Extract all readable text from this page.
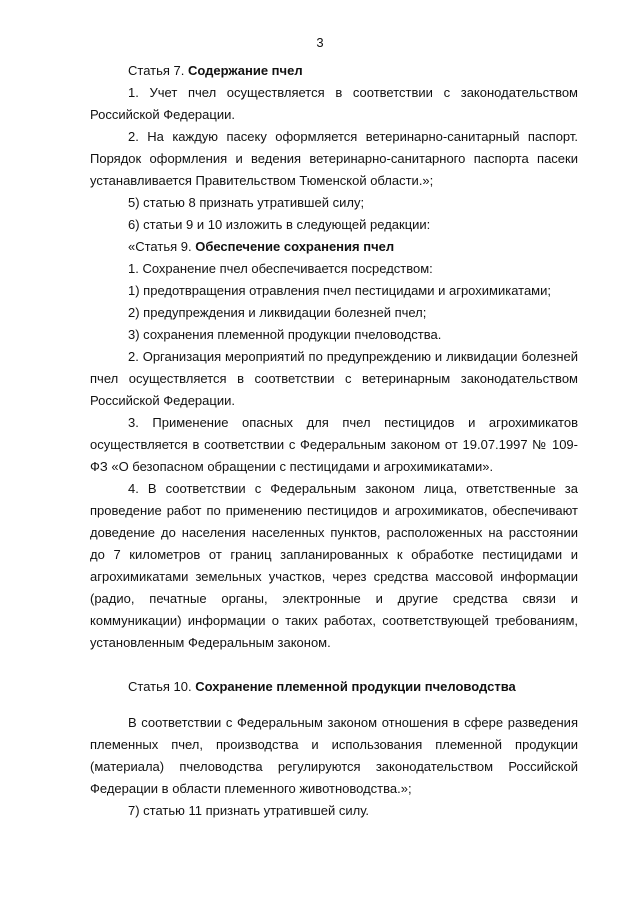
3

Статья 7. Содержание пчел

1. Учет пчел осуществляется в соответствии с законодательством Российской Федерации.

2. На каждую пасеку оформляется ветеринарно-санитарный паспорт. Порядок оформления и ведения ветеринарно-санитарного паспорта пасеки устанавливается Правительством Тюменской области.»;

5) статью 8 признать утратившей силу;

6) статьи 9 и 10 изложить в следующей редакции:

«Статья 9. Обеспечение сохранения пчел

1. Сохранение пчел обеспечивается посредством:

1) предотвращения отравления пчел пестицидами и агрохимикатами;

2) предупреждения и ликвидации болезней пчел;

3) сохранения племенной продукции пчеловодства.

2. Организация мероприятий по предупреждению и ликвидации болезней пчел осуществляется в соответствии с ветеринарным законодательством Российской Федерации.

3. Применение опасных для пчел пестицидов и агрохимикатов осуществляется в соответствии с Федеральным законом от 19.07.1997 № 109-ФЗ «О безопасном обращении с пестицидами и агрохимикатами».

4. В соответствии с Федеральным законом лица, ответственные за проведение работ по применению пестицидов и агрохимикатов, обеспечивают доведение до населения населенных пунктов, расположенных на расстоянии до 7 километров от границ запланированных к обработке пестицидами и агрохимикатами земельных участков, через средства массовой информации (радио, печатные органы, электронные и другие средства связи и коммуникации) информации о таких работах, соответствующей требованиям, установленным Федеральным законом.

Статья 10. Сохранение племенной продукции пчеловодства

В соответствии с Федеральным законом отношения в сфере разведения племенных пчел, производства и использования племенной продукции (материала) пчеловодства регулируются законодательством Российской Федерации в области племенного животноводства.»;

7) статью 11 признать утратившей силу.
